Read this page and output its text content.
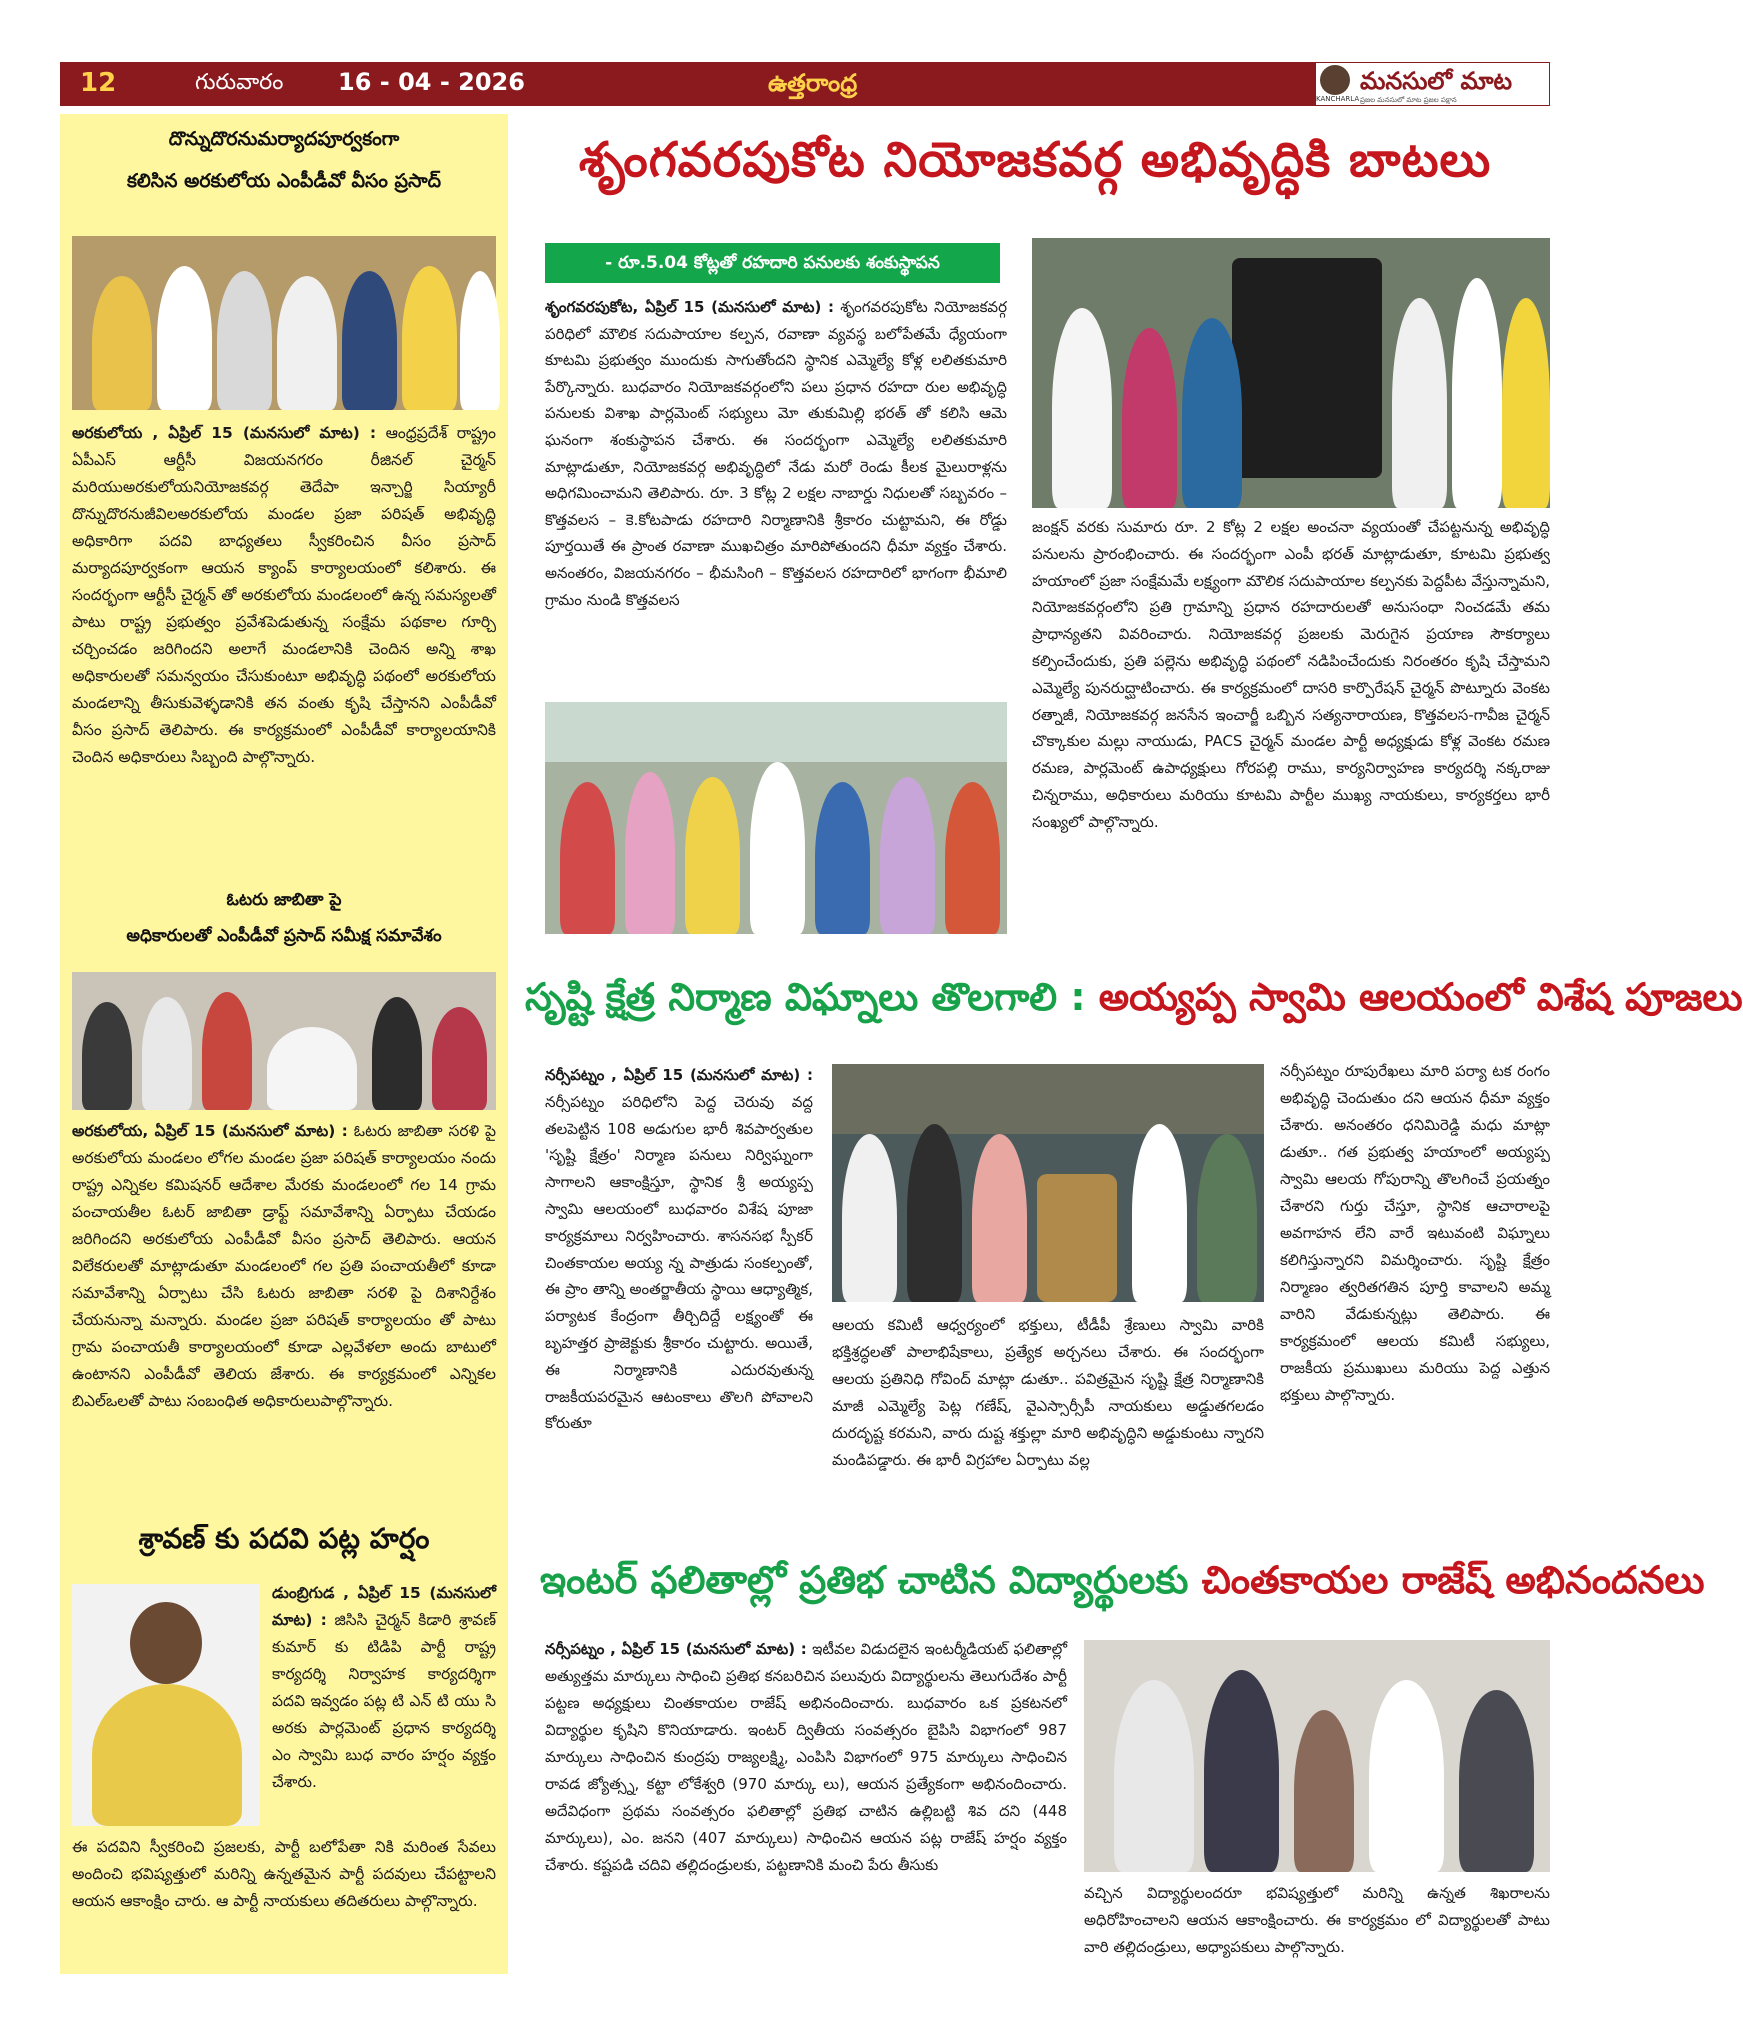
12	గురువారం 16 - 04 - 2026	ఉత్తరాంధ్ర
KANCHARLA
మనసులో మాట
ప్రజల మనసులో మాట ప్రజల పక్షాన
దొన్నుదొరనుమర్యాదపూర్వకంగా
కలిసిన అరకులోయ ఎంపీడీవో వీసం ప్రసాద్
అరకులోయ , ఏప్రిల్ 15 (మనసులో మాట) : ఆంధ్రప్రదేశ్ రాష్ట్రం ఏపీఎస్ ఆర్టీసీ విజయనగరం రీజినల్ చైర్మన్ మరియుఅరకులోయనియోజకవర్గ తెదేపా ఇన్చార్జి సియ్యారీ దొన్నుదొరనుజీవిలఅరకులోయ మండల ప్రజా పరిషత్ అభివృద్ధి అధికారిగా పదవి బాధ్యతలు స్వీకరించిన వీసం ప్రసాద్ మర్యాదపూర్వకంగా ఆయన క్యాంప్ కార్యాలయంలో కలిశారు. ఈ సందర్భంగా ఆర్టీసీ చైర్మన్ తో అరకులోయ మండలంలో ఉన్న సమస్యలతో పాటు రాష్ట్ర ప్రభుత్వం ప్రవేశపెడుతున్న సంక్షేమ పథకాల గూర్చి చర్చించడం జరిగిందని అలాగే మండలానికి చెందిన అన్ని శాఖ అధికారులతో సమన్వయం చేసుకుంటూ అభివృద్ధి పథంలో అరకులోయ మండలాన్ని తీసుకువెళ్ళడానికి తన వంతు కృషి చేస్తానని ఎంపీడీవో వీసం ప్రసాద్ తెలిపారు. ఈ కార్యక్రమంలో ఎంపీడీవో కార్యాలయానికి చెందిన అధికారులు సిబ్బంది పాల్గొన్నారు.
ఓటరు జాబితా పై
అధికారులతో ఎంపీడీవో ప్రసాద్ సమీక్ష సమావేశం
అరకులోయ, ఏప్రిల్ 15 (మనసులో మాట) : ఓటరు జాబితా సరళి పై అరకులోయ మండలం లోగల మండల ప్రజా పరిషత్ కార్యాలయం నందు రాష్ట్ర ఎన్నికల కమిషనర్ ఆదేశాల మేరకు మండలంలో గల 14 గ్రామ పంచాయతీల ఓటర్ జాబితా డ్రాఫ్ట్ సమావేశాన్ని ఏర్పాటు చేయడం జరిగిందని అరకులోయ ఎంపీడీవో వీసం ప్రసాద్ తెలిపారు. ఆయన విలేకరులతో మాట్లాడుతూ మండలంలో గల ప్రతి పంచాయతీలో కూడా సమావేశాన్ని ఏర్పాటు చేసి ఓటరు జాబితా సరళి పై దిశానిర్దేశం చేయనున్నా మన్నారు. మండల ప్రజా పరిషత్ కార్యాలయం తో పాటు గ్రామ పంచాయతీ కార్యాలయంలో కూడా ఎల్లవేళలా అందు బాటులో ఉంటానని ఎంపీడీవో తెలియ జేశారు. ఈ కార్యక్రమంలో ఎన్నికల బిఎల్ఒలతో పాటు సంబంధిత అధికారులుపాల్గొన్నారు.
శ్రావణ్ కు పదవి పట్ల హర్షం
డుంబ్రిగుడ , ఏప్రిల్ 15 (మనసులో మాట) : జిసిసి చైర్మన్ కిడారి శ్రావణ్ కుమార్ కు టిడిపి పార్టీ రాష్ట్ర కార్యదర్శి నిర్వాహక కార్యదర్శిగా పదవి ఇవ్వడం పట్ల టి ఎన్ టి యు సి అరకు పార్లమెంట్ ప్రధాన కార్యదర్శి ఎం స్వామి బుధ వారం హర్షం వ్యక్తం చేశారు.
ఈ పదవిని స్వీకరించి ప్రజలకు, పార్టీ బలోపేతా నికి మరింత సేవలు అందించి భవిష్యత్తులో మరిన్ని ఉన్నతమైన పార్టీ పదవులు చేపట్టాలని ఆయన ఆకాంక్షిం చారు. ఆ పార్టీ నాయకులు తదితరులు పాల్గొన్నారు.
శృంగవరపుకోట నియోజకవర్గ అభివృద్ధికి బాటలు
- రూ.5.04 కోట్లతో రహదారి పనులకు శంకుస్థాపన
శృంగవరపుకోట, ఏప్రిల్ 15 (మనసులో మాట) : శృంగవరపుకోట నియోజకవర్గ పరిధిలో మౌలిక సదుపాయాల కల్పన, రవాణా వ్యవస్థ బలోపేతమే ధ్యేయంగా కూటమి ప్రభుత్వం ముందుకు సాగుతోందని స్థానిక ఎమ్మెల్యే కోళ్ల లలితకుమారి పేర్కొన్నారు. బుధవారం నియోజకవర్గంలోని పలు ప్రధాన రహదా రుల అభివృద్ధి పనులకు విశాఖ పార్లమెంట్ సభ్యులు మో తుకుమిల్లి భరత్ తో కలిసి ఆమె ఘనంగా శంకుస్థాపన చేశారు. ఈ సందర్భంగా ఎమ్మెల్యే లలితకుమారి మాట్లాడుతూ, నియోజకవర్గ అభివృద్ధిలో నేడు మరో రెండు కీలక మైలురాళ్లను అధిగమించామని తెలిపారు. రూ. 3 కోట్ల 2 లక్షల నాబార్డు నిధులతో సబ్బవరం – కొత్తవలస – కె.కోటపాడు రహదారి నిర్మాణానికి శ్రీకారం చుట్టామని, ఈ రోడ్డు పూర్తయితే ఈ ప్రాంత రవాణా ముఖచిత్రం మారిపోతుందని ధీమా వ్యక్తం చేశారు. అనంతరం, విజయనగరం – భీమసింగి – కొత్తవలస రహదారిలో భాగంగా భీమాలి గ్రామం నుండి కొత్తవలస
జంక్షన్ వరకు సుమారు రూ. 2 కోట్ల 2 లక్షల అంచనా వ్యయంతో చేపట్టనున్న అభివృద్ధి పనులను ప్రారంభించారు. ఈ సందర్భంగా ఎంపీ భరత్ మాట్లాడుతూ, కూటమి ప్రభుత్వ హయాంలో ప్రజా సంక్షేమమే లక్ష్యంగా మౌలిక సదుపాయాల కల్పనకు పెద్దపీట వేస్తున్నామని, నియోజకవర్గంలోని ప్రతి గ్రామాన్ని ప్రధాన రహదారులతో అనుసంధా నించడమే తమ ప్రాధాన్యతని వివరించారు. నియోజకవర్గ ప్రజలకు మెరుగైన ప్రయాణ సౌకర్యాలు కల్పించేందుకు, ప్రతి పల్లెను అభివృద్ధి పథంలో నడిపించేందుకు నిరంతరం కృషి చేస్తామని ఎమ్మెల్యే పునరుద్ఘాటించారు. ఈ కార్యక్రమంలో దాసరి కార్పొరేషన్ చైర్మన్ పొట్నూరు వెంకట రత్నాజీ, నియోజకవర్గ జనసేన ఇంచార్జీ ఒబ్బిన సత్యనారాయణ, కొత్తవలస-గావీజ చైర్మన్ చొక్కాకుల మల్లు నాయుడు, PACS చైర్మన్ మండల పార్టీ అధ్యక్షుడు కోళ్ల వెంకట రమణ రమణ, పార్లమెంట్ ఉపాధ్యక్షులు గోరపల్లి రాము, కార్యనిర్వాహణ కార్యదర్శి నక్కరాజు చిన్నరాము, అధికారులు మరియు కూటమి పార్టీల ముఖ్య నాయకులు, కార్యకర్తలు భారీ సంఖ్యలో పాల్గొన్నారు.
సృష్టి క్షేత్ర నిర్మాణ విఘ్నాలు తొలగాలి : అయ్యప్ప స్వామి ఆలయంలో విశేష పూజలు
నర్సీపట్నం , ఏప్రిల్ 15 (మనసులో మాట) : నర్సీపట్నం పరిధిలోని పెద్ద చెరువు వద్ద తలపెట్టిన 108 అడుగుల భారీ శివపార్వతుల 'సృష్టి క్షేత్రం' నిర్మాణ పనులు నిర్విఘ్నంగా సాగాలని ఆకాంక్షిస్తూ, స్థానిక శ్రీ అయ్యప్ప స్వామి ఆలయంలో బుధవారం విశేష పూజా కార్యక్రమాలు నిర్వహించారు. శాసనసభ స్పీకర్ చింతకాయల అయ్య న్న పాత్రుడు సంకల్పంతో, ఈ ప్రాం తాన్ని అంతర్జాతీయ స్థాయి ఆధ్యాత్మిక, పర్యాటక కేంద్రంగా తీర్చిదిద్దే లక్ష్యంతో ఈ బృహత్తర ప్రాజెక్టుకు శ్రీకారం చుట్టారు. అయితే, ఈ నిర్మాణానికి ఎదురవుతున్న రాజకీయపరమైన ఆటంకాలు తొలగి పోవాలని కోరుతూ
ఆలయ కమిటీ ఆధ్వర్యంలో భక్తులు, టీడీపీ శ్రేణులు స్వామి వారికి భక్తిశ్రద్ధలతో పాలాభిషేకాలు, ప్రత్యేక అర్చనలు చేశారు. ఈ సందర్భంగా ఆలయ ప్రతినిధి గోవింద్ మాట్లా డుతూ.. పవిత్రమైన సృష్టి క్షేత్ర నిర్మాణానికి మాజీ ఎమ్మెల్యే పెట్ల గణేష్, వైఎస్సార్సీపీ నాయకులు అడ్డుతగలడం దురదృష్ట కరమని, వారు దుష్ట శక్తుల్లా మారి అభివృద్ధిని అడ్డుకుంటు న్నారని మండిపడ్డారు. ఈ భారీ విగ్రహాల ఏర్పాటు వల్ల
నర్సీపట్నం రూపురేఖలు మారి పర్యా టక రంగం అభివృద్ధి చెందుతుం దని ఆయన ధీమా వ్యక్తం చేశారు. అనంతరం ధనిమిరెడ్డి మధు మాట్లా డుతూ.. గత ప్రభుత్వ హయాంలో అయ్యప్ప స్వామి ఆలయ గోపురాన్ని తొలగించే ప్రయత్నం చేశారని గుర్తు చేస్తూ, స్థానిక ఆచారాలపై అవగాహన లేని వారే ఇటువంటి విఘ్నాలు కలిగిస్తున్నారని విమర్శించారు. సృష్టి క్షేత్రం నిర్మాణం త్వరితగతిన పూర్తి కావాలని అమ్మ వారిని వేడుకున్నట్లు తెలిపారు. ఈ కార్యక్రమంలో ఆలయ కమిటీ సభ్యులు, రాజకీయ ప్రముఖులు మరియు పెద్ద ఎత్తున భక్తులు పాల్గొన్నారు.
ఇంటర్ ఫలితాల్లో ప్రతిభ చాటిన విద్యార్థులకు చింతకాయల రాజేష్ అభినందనలు
నర్సీపట్నం , ఏప్రిల్ 15 (మనసులో మాట) : ఇటీవల విడుదలైన ఇంటర్మీడియట్ ఫలితాల్లో అత్యుత్తమ మార్కులు సాధించి ప్రతిభ కనబరిచిన పలువురు విద్యార్థులను తెలుగుదేశం పార్టీ పట్టణ అధ్యక్షులు చింతకాయల రాజేష్ అభినందించారు. బుధవారం ఒక ప్రకటనలో విద్యార్థుల కృషిని కొనియాడారు. ఇంటర్ ద్వితీయ సంవత్సరం బైపిసి విభాగంలో 987 మార్కులు సాధించిన కుంద్రపు రాజ్యలక్ష్మి, ఎంపిసి విభాగంలో 975 మార్కులు సాధించిన రావడ జ్యోత్స్న, కట్టా లోకేశ్వరి (970 మార్కు లు), ఆయన ప్రత్యేకంగా అభినందించారు. అదేవిధంగా ప్రథమ సంవత్సరం ఫలితాల్లో ప్రతిభ చాటిన ఉల్లిబట్టి శివ దని (448 మార్కులు), ఎం. జనని (407 మార్కులు) సాధించిన ఆయన పట్ల రాజేష్ హర్షం వ్యక్తం చేశారు. కష్టపడి చదివి తల్లిదండ్రులకు, పట్టణానికి మంచి పేరు తీసుకు
వచ్చిన విద్యార్థులందరూ భవిష్యత్తులో మరిన్ని ఉన్నత శిఖరాలను అధిరోహించాలని ఆయన ఆకాంక్షించారు. ఈ కార్యక్రమం లో విద్యార్థులతో పాటు వారి తల్లిదండ్రులు, అధ్యాపకులు పాల్గొన్నారు.
